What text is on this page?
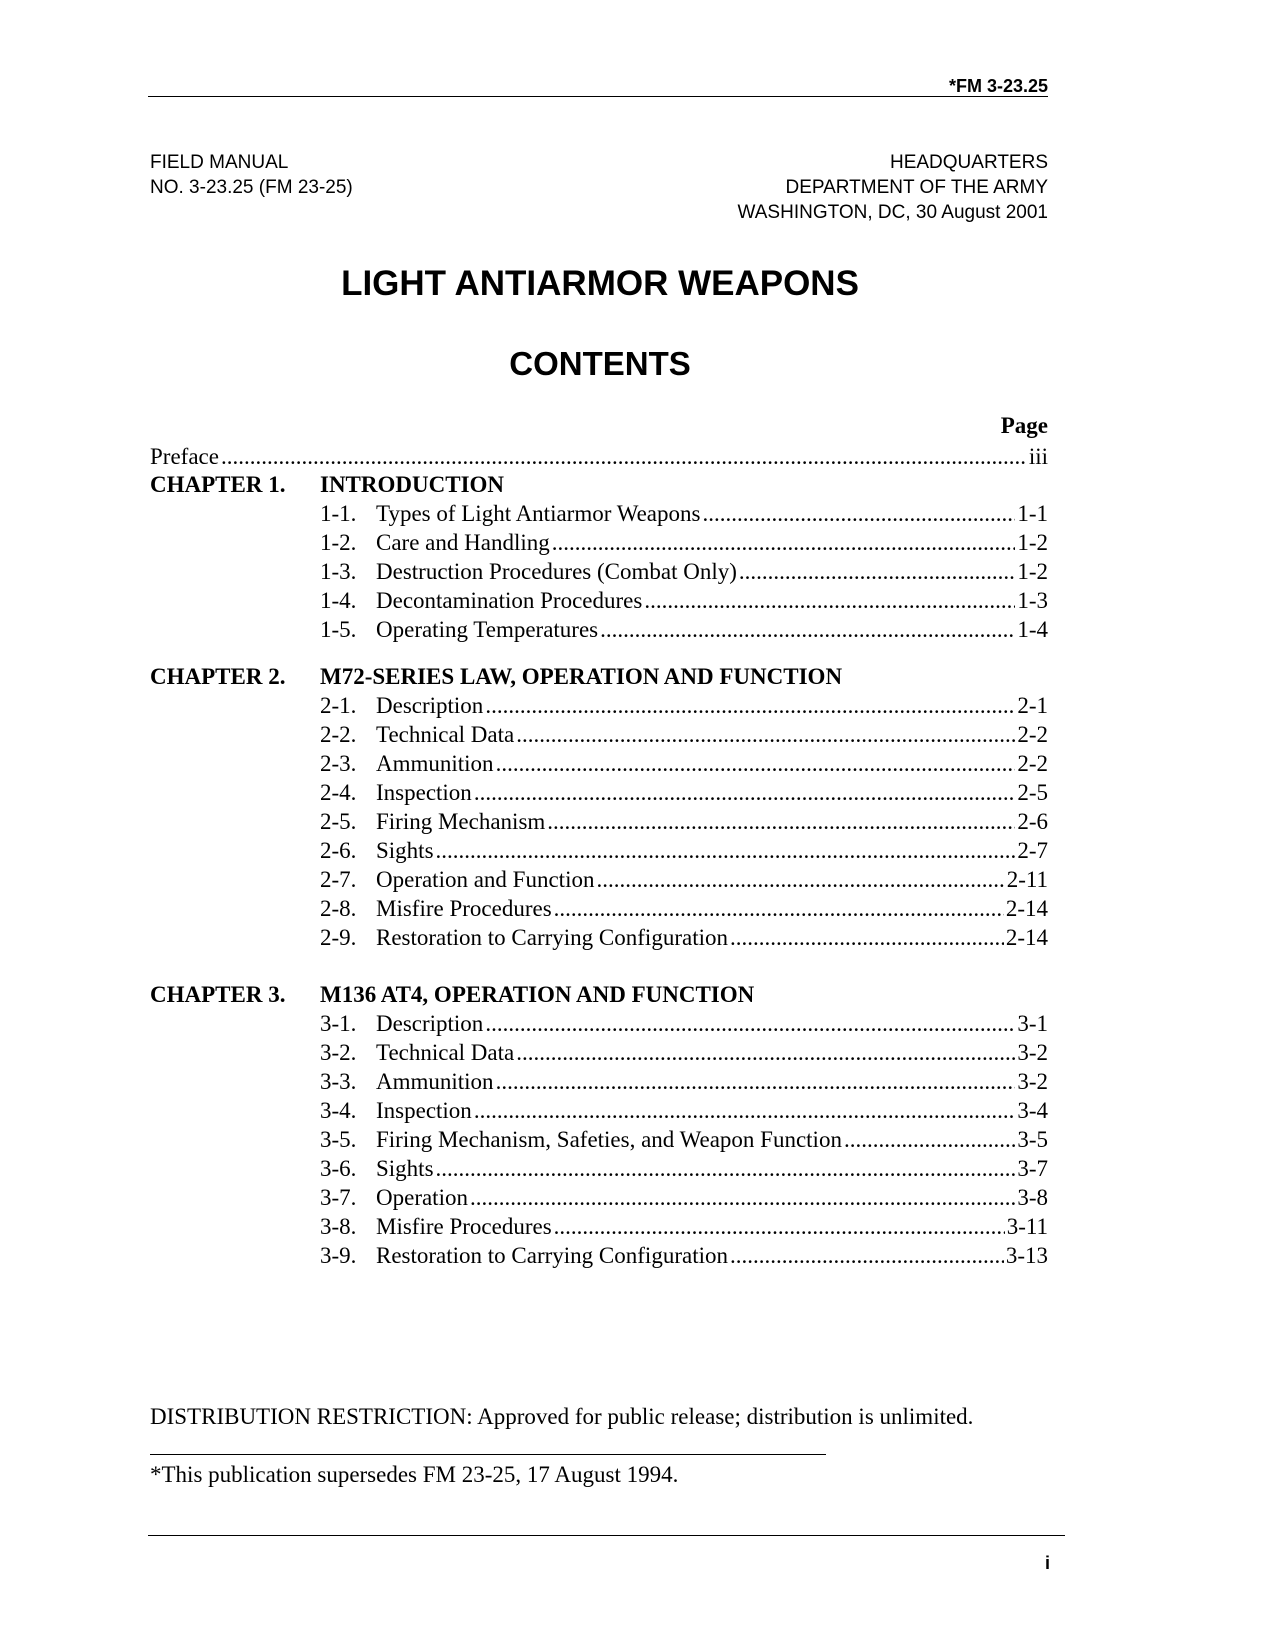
*FM 3-23.25
FIELD MANUAL
NO. 3-23.25 (FM 23-25)
HEADQUARTERS
DEPARTMENT OF THE ARMY
WASHINGTON, DC, 30 August 2001
LIGHT ANTIARMOR WEAPONS
CONTENTS
Page
Preface .....	iii
CHAPTER 1. INTRODUCTION
1-1. Types of Light Antiarmor Weapons .....	1-1
1-2. Care and Handling .....	1-2
1-3. Destruction Procedures (Combat Only) .....	1-2
1-4. Decontamination Procedures .....	1-3
1-5. Operating Temperatures .....	1-4
CHAPTER 2. M72-SERIES LAW, OPERATION AND FUNCTION
2-1. Description .....	2-1
2-2. Technical Data .....	2-2
2-3. Ammunition .....	2-2
2-4. Inspection .....	2-5
2-5. Firing Mechanism .....	2-6
2-6. Sights .....	2-7
2-7. Operation and Function .....	2-11
2-8. Misfire Procedures .....	2-14
2-9. Restoration to Carrying Configuration .....	2-14
CHAPTER 3. M136 AT4, OPERATION AND FUNCTION
3-1. Description .....	3-1
3-2. Technical Data .....	3-2
3-3. Ammunition .....	3-2
3-4. Inspection .....	3-4
3-5. Firing Mechanism, Safeties, and Weapon Function .....	3-5
3-6. Sights .....	3-7
3-7. Operation .....	3-8
3-8. Misfire Procedures .....	3-11
3-9. Restoration to Carrying Configuration .....	3-13
DISTRIBUTION RESTRICTION: Approved for public release; distribution is unlimited.
*This publication supersedes FM 23-25, 17 August 1994.
i
